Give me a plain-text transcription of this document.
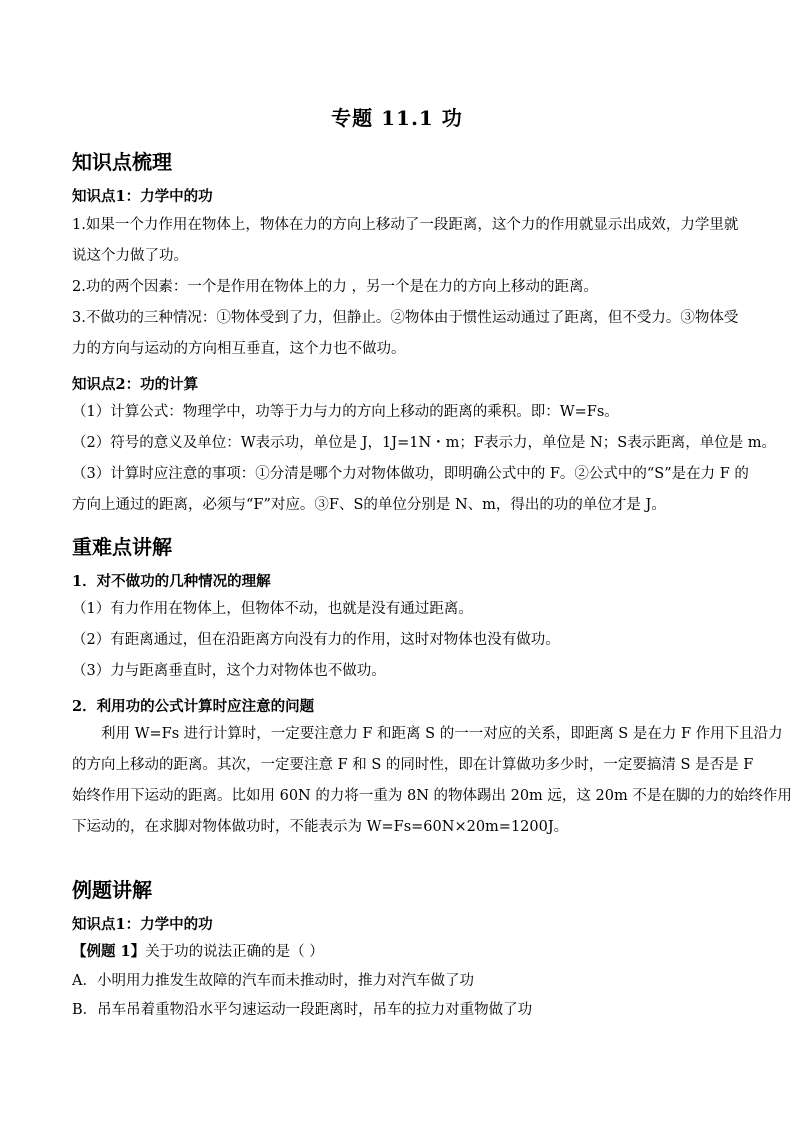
专题 11.1 功
知识点梳理
知识点1：力学中的功
1.如果一个力作用在物体上，物体在力的方向上移动了一段距离，这个力的作用就显示出成效，力学里就
说这个力做了功。
2.功的两个因素：一个是作用在物体上的力 ，另一个是在力的方向上移动的距离。
3.不做功的三种情况：①物体受到了力，但静止。②物体由于惯性运动通过了距离，但不受力。③物体受
力的方向与运动的方向相互垂直，这个力也不做功。
知识点2：功的计算
（1）计算公式：物理学中，功等于力与力的方向上移动的距离的乘积。即：W=Fs。
（2）符号的意义及单位：W表示功，单位是 J，1J=1N・m；F表示力，单位是 N；S表示距离，单位是 m。
（3）计算时应注意的事项：①分清是哪个力对物体做功，即明确公式中的 F。②公式中的“S”是在力 F 的
方向上通过的距离，必须与“F”对应。③F、S的单位分别是 N、m，得出的功的单位才是 J。
重难点讲解
1．对不做功的几种情况的理解
（1）有力作用在物体上，但物体不动，也就是没有通过距离。
（2）有距离通过，但在沿距离方向没有力的作用，这时对物体也没有做功。
（3）力与距离垂直时，这个力对物体也不做功。
2．利用功的公式计算时应注意的问题
利用 W=Fs 进行计算时，一定要注意力 F 和距离 S 的一一对应的关系，即距离 S 是在力 F 作用下且沿力
的方向上移动的距离。其次，一定要注意 F 和 S 的同时性，即在计算做功多少时，一定要搞清 S 是否是 F
始终作用下运动的距离。比如用 60N 的力将一重为 8N 的物体踢出 20m 远，这 20m 不是在脚的力的始终作用
下运动的，在求脚对物体做功时，不能表示为 W=Fs=60N×20m=1200J。
例题讲解
知识点1：力学中的功
【例题 1】关于功的说法正确的是（ ）
A．小明用力推发生故障的汽车而未推动时，推力对汽车做了功
B．吊车吊着重物沿水平匀速运动一段距离时，吊车的拉力对重物做了功
